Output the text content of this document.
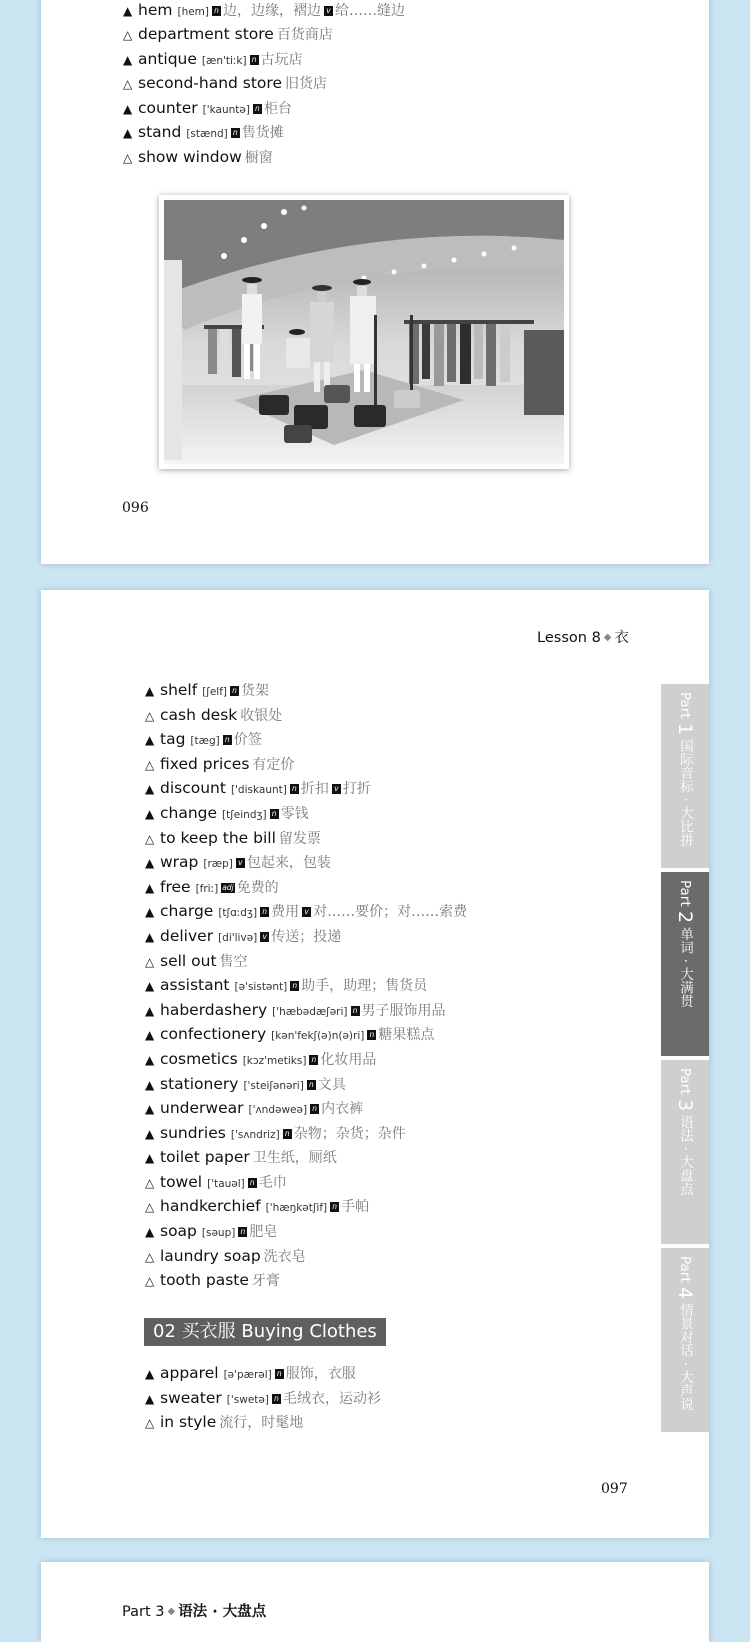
▲ hem [hem] n 边，边缘，褶边 v 给……缝边
△ department store 百货商店
▲ antique [æn'tiːk] n 古玩店
△ second-hand store 旧货店
▲ counter ['kauntə] n 柜台
▲ stand [stænd] n 售货摊
△ show window 橱窗
096
Lesson 8 ◆ 衣
▲ shelf [ʃelf] n 货架
△ cash desk 收银处
▲ tag [tæg] n 价签
△ fixed prices 有定价
▲ discount ['diskaunt] n 折扣 v 打折
▲ change [tʃeindʒ] n 零钱
△ to keep the bill 留发票
▲ wrap [ræp] v 包起来，包装
▲ free [friː] adj 免费的
▲ charge [tʃɑːdʒ] n 费用 v 对……要价；对……索费
▲ deliver [di'livə] v 传送；投递
△ sell out 售空
▲ assistant [ə'sistənt] n 助手，助理；售货员
▲ haberdashery ['hæbədæʃəri] n 男子服饰用品
▲ confectionery [kən'fekʃ(ə)n(ə)ri] n 糖果糕点
▲ cosmetics [kɔz'metiks] n 化妆用品
▲ stationery ['steiʃənəri] n 文具
▲ underwear ['ʌndəweə] n 内衣裤
▲ sundries ['sʌndriz] n 杂物；杂货；杂件
▲ toilet paper 卫生纸，厕纸
△ towel ['tauəl] n 毛巾
△ handkerchief ['hæŋkətʃif] n 手帕
▲ soap [səup] n 肥皂
△ laundry soap 洗衣皂
△ tooth paste 牙膏
02 买衣服 Buying Clothes
▲ apparel [ə'pærəl] n 服饰，衣服
▲ sweater ['swetə] n 毛绒衣，运动衫
△ in style 流行，时髦地
097
Part 1 国际音标 · 大比拼
Part 2 单词 · 大满贯
Part 3 语法 · 大盘点
Part 4 情景对话 · 大声说
Part 3 ◆ 语法 · 大盘点
